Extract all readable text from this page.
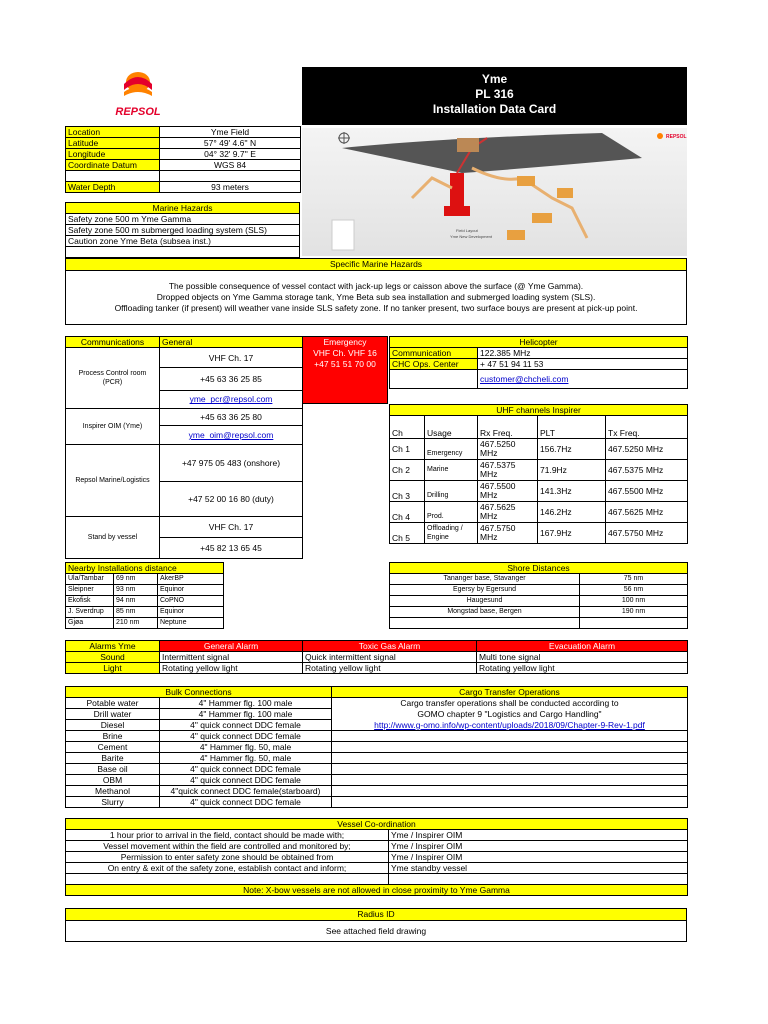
REPSOL
Yme
PL 316
Installation Data Card
Location	Yme Field
Latitude	57° 49' 4.6'' N
Longitude	04° 32' 9.7'' E
Coordinate Datum	WGS 84

Water Depth	93 meters
Field Layout
Yme New Development
REPSOL
Marine Hazards
Safety zone 500 m Yme Gamma
Safety zone 500 m submerged loading system (SLS)
Caution zone Yme Beta (subsea inst.)

Specific Marine Hazards
The possible consequence of vessel contact with jack-up legs or caisson above the surface (@ Yme Gamma).
Dropped objects on Yme Gamma storage tank, Yme Beta sub sea installation and submerged loading system (SLS).
Offloading tanker (if present) will weather vane inside SLS safety zone. If no tanker present, two surface bouys are present at pick-up point.
Communications	General
Process Control room (PCR)	VHF Ch. 17
	+45 63 36 25 85
	yme_pcr@repsol.com
Inspirer OIM (Yme)	+45 63 36 25 80
	yme_oim@repsol.com
Repsol Marine/Logistics	+47 975 05 483 (onshore)
	+47 52 00 16 80 (duty)
Stand by vessel	VHF Ch. 17
	+45 82 13 65 45
Emergency
VHF Ch. VHF 16
+47 51 51 70 00
Helicopter	
Communication	122.385 MHz
CHC Ops. Center	+ 47 51 94 11 53
	customer@chcheli.com
UHF channels Inspirer				
Ch	Usage	Rx Freq.	PLT	Tx Freq.
Ch 1	Emergency	467.5250 MHz	156.7Hz	467.5250 MHz
Ch 2	Marine	467.5375 MHz	71.9Hz	467.5375 MHz
Ch 3	Drilling	467.5500 MHz	141.3Hz	467.5500 MHz
Ch 4	Prod.	467.5625 MHz	146.2Hz	467.5625 MHz
Ch 5	Offloading / Engine	467.5750 MHz	167.9Hz	467.5750 MHz
Nearby Installations distance		
Ula/Tambar	69 nm	AkerBP
Sleipner	93 nm	Equinor
Ekofisk	94 nm	CoPNO
J. Sverdrup	85 nm	Equinor
Gjøa	210 nm	Neptune
Shore Distances	
Tananger base, Stavanger	75 nm
Egersy by Egersund	56 nm
Haugesund	100 nm
Mongstad base, Bergen	190 nm

Alarms Yme	General Alarm	Toxic Gas Alarm	Evacuation Alarm
Sound	Intermittent signal	Quick intermittent signal	Multi tone signal
Light	Rotating yellow light	Rotating yellow light	Rotating yellow light
Bulk Connections		Cargo Transfer Operations
Potable water	4" Hammer flg. 100 male	Cargo transfer operations shall be conducted according to
Drill water	4" Hammer flg. 100 male	GOMO chapter 9 "Logistics and Cargo Handling"
Diesel	4" quick connect DDC female	http://www.g-omo.info/wp-content/uploads/2018/09/Chapter-9-Rev-1.pdf
Brine	4" quick connect DDC female	
Cement	4" Hammer flg. 50, male	
Barite	4" Hammer flg. 50, male	
Base oil	4" quick connect DDC female	
OBM	4" quick connect DDC female	
Methanol	4"quick connect DDC female(starboard)	
Slurry	4" quick connect DDC female	
Vessel Co-ordination	
1 hour prior to arrival in the field, contact should be made with;	Yme / Inspirer OIM
Vessel movement within the field are controlled and monitored by;	Yme / Inspirer OIM
Permission to enter safety zone should be obtained from	Yme / Inspirer OIM
On entry & exit of the safety zone, establish contact and inform;	Yme standby vessel

Note: X-bow vessels are not allowed in close proximity to Yme Gamma	
Radius ID
See attached field drawing
